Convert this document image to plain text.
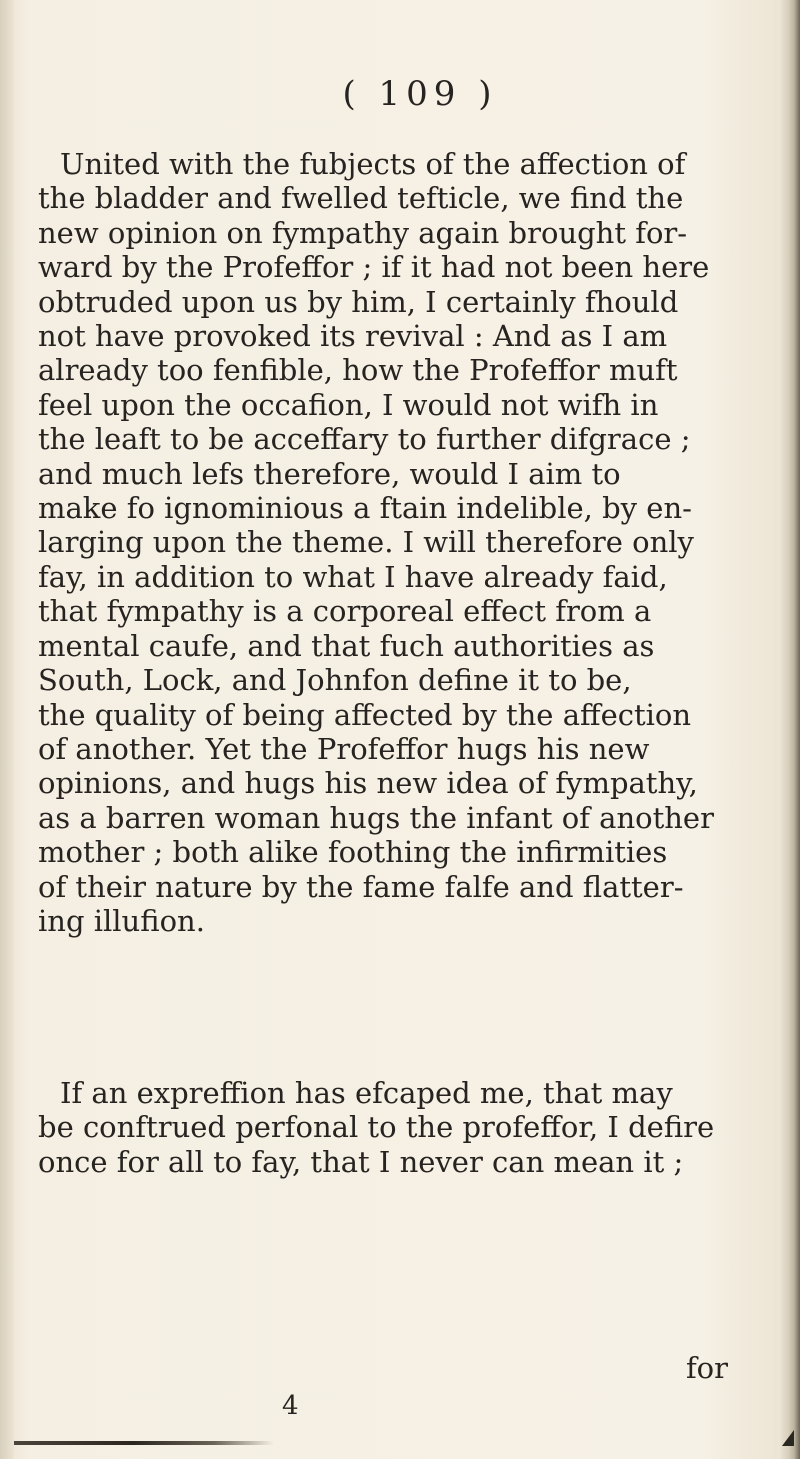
( 109 )
United with the fubjects of the affection of
the bladder and fwelled tefticle, we find the
new opinion on fympathy again brought for-
ward by the Profeffor ; if it had not been here
obtruded upon us by him, I certainly fhould
not have provoked its revival : And as I am
already too fenfible, how the Profeffor muft
feel upon the occafion, I would not wifh in
the leaft to be acceffary to further difgrace ;
and much lefs therefore, would I aim to
make fo ignominious a ftain indelible, by en-
larging upon the theme. I will therefore only
fay, in addition to what I have already faid,
that fympathy is a corporeal effect from a
mental caufe, and that fuch authorities as
South, Lock, and Johnfon define it to be,
the quality of being affected by the affection
of another. Yet the Profeffor hugs his new
opinions, and hugs his new idea of fympathy,
as a barren woman hugs the infant of another
mother ; both alike foothing the infirmities
of their nature by the fame falfe and flatter-
ing illufion.
If an expreffion has efcaped me, that may
be conftrued perfonal to the profeffor, I defire
once for all to fay, that I never can mean it ;
for
4
